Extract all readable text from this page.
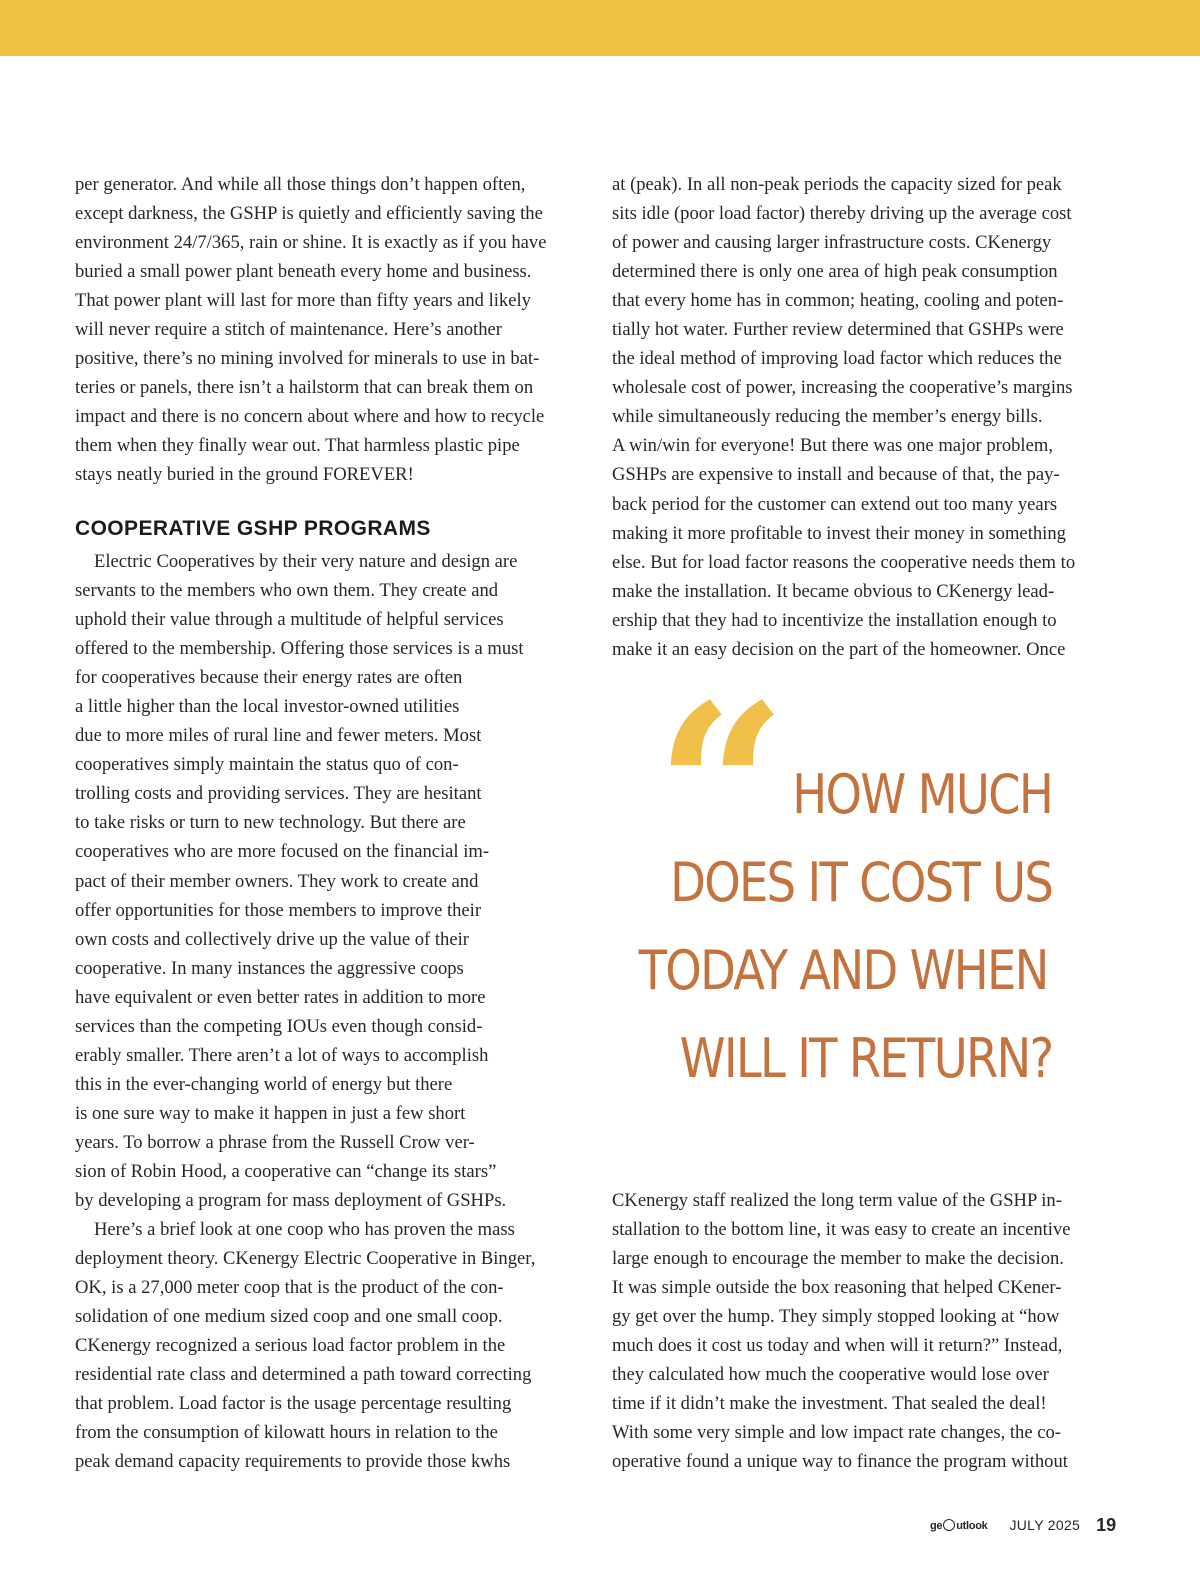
per generator. And while all those things don’t happen often,
except darkness, the GSHP is quietly and efficiently saving the
environment 24/7/365, rain or shine. It is exactly as if you have
buried a small power plant beneath every home and business.
That power plant will last for more than fifty years and likely
will never require a stitch of maintenance. Here’s another
positive, there’s no mining involved for minerals to use in bat-
teries or panels, there isn’t a hailstorm that can break them on
impact and there is no concern about where and how to recycle
them when they finally wear out. That harmless plastic pipe
stays neatly buried in the ground FOREVER!
COOPERATIVE GSHP PROGRAMS
Electric Cooperatives by their very nature and design are
servants to the members who own them. They create and
uphold their value through a multitude of helpful services
offered to the membership. Offering those services is a must
for cooperatives because their energy rates are often
a little higher than the local investor-owned utilities
due to more miles of rural line and fewer meters. Most
cooperatives simply maintain the status quo of con-
trolling costs and providing services. They are hesitant
to take risks or turn to new technology. But there are
cooperatives who are more focused on the financial im-
pact of their member owners. They work to create and
offer opportunities for those members to improve their
own costs and collectively drive up the value of their
cooperative. In many instances the aggressive coops
have equivalent or even better rates in addition to more
services than the competing IOUs even though consid-
erably smaller. There aren’t a lot of ways to accomplish
this in the ever-changing world of energy but there
is one sure way to make it happen in just a few short
years. To borrow a phrase from the Russell Crow ver-
sion of Robin Hood, a cooperative can “change its stars”
by developing a program for mass deployment of GSHPs.
Here’s a brief look at one coop who has proven the mass
deployment theory. CKenergy Electric Cooperative in Binger,
OK, is a 27,000 meter coop that is the product of the con-
solidation of one medium sized coop and one small coop.
CKenergy recognized a serious load factor problem in the
residential rate class and determined a path toward correcting
that problem. Load factor is the usage percentage resulting
from the consumption of kilowatt hours in relation to the
peak demand capacity requirements to provide those kwhs
at (peak). In all non-peak periods the capacity sized for peak
sits idle (poor load factor) thereby driving up the average cost
of power and causing larger infrastructure costs. CKenergy
determined there is only one area of high peak consumption
that every home has in common; heating, cooling and poten-
tially hot water. Further review determined that GSHPs were
the ideal method of improving load factor which reduces the
wholesale cost of power, increasing the cooperative’s margins
while simultaneously reducing the member’s energy bills.
A win/win for everyone! But there was one major problem,
GSHPs are expensive to install and because of that, the pay-
back period for the customer can extend out too many years
making it more profitable to invest their money in something
else. But for load factor reasons the cooperative needs them to
make the installation. It became obvious to CKenergy lead-
ership that they had to incentivize the installation enough to
make it an easy decision on the part of the homeowner. Once
“ HOW MUCH
DOES IT COST US
TODAY AND WHEN
WILL IT RETURN?
CKenergy staff realized the long term value of the GSHP in-
stallation to the bottom line, it was easy to create an incentive
large enough to encourage the member to make the decision.
It was simple outside the box reasoning that helped CKener-
gy get over the hump. They simply stopped looking at “how
much does it cost us today and when will it return?” Instead,
they calculated how much the cooperative would lose over
time if it didn’t make the investment. That sealed the deal!
With some very simple and low impact rate changes, the co-
operative found a unique way to finance the program without
ge utlook JULY 2025 19
